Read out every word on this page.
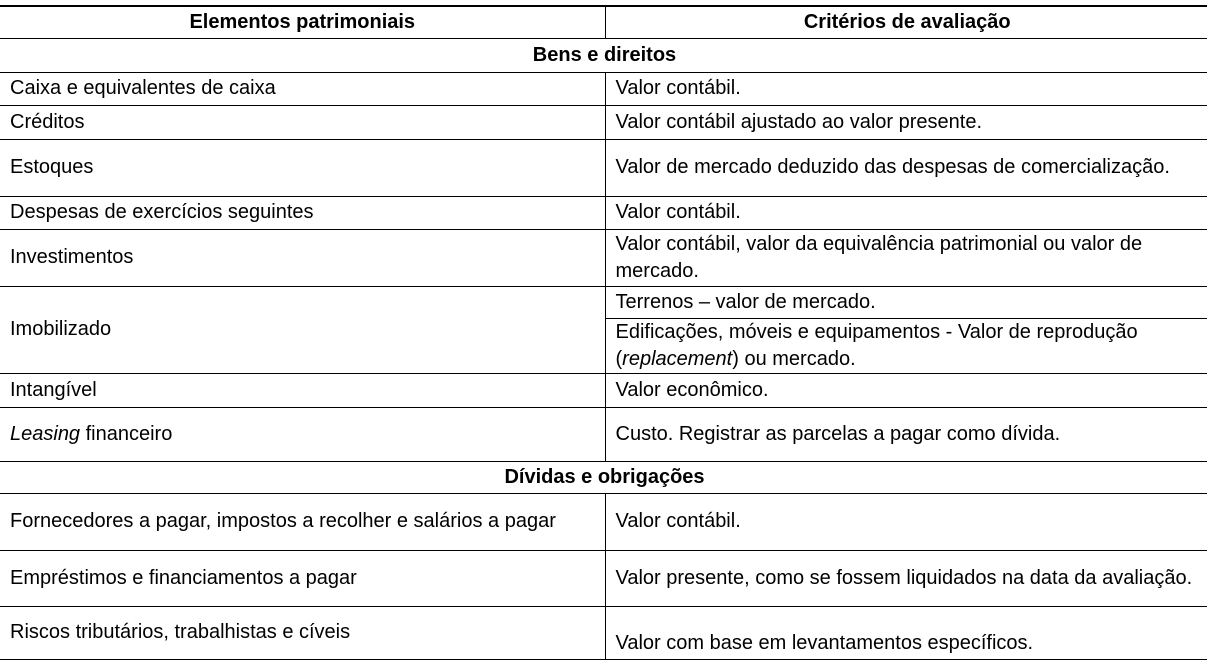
Elementos patrimoniais	Critérios de avaliação
Bens e direitos	
Caixa e equivalentes de caixa	Valor contábil.
Créditos	Valor contábil ajustado ao valor presente.
Estoques	Valor de mercado deduzido das despesas de comercialização.
Despesas de exercícios seguintes	Valor contábil.
Investimentos	Valor contábil, valor da equivalência patrimonial ou valor de mercado.
Imobilizado	Terrenos – valor de mercado.
	Edificações, móveis e equipamentos - Valor de reprodução (replacement) ou mercado.
Intangível	Valor econômico.
Leasing financeiro	Custo. Registrar as parcelas a pagar como dívida.
Dívidas e obrigações	
Fornecedores a pagar, impostos a recolher e salários a pagar	Valor contábil.
Empréstimos e financiamentos a pagar	Valor presente, como se fossem liquidados na data da avaliação.
Riscos tributários, trabalhistas e cíveis	Valor com base em levantamentos específicos.
